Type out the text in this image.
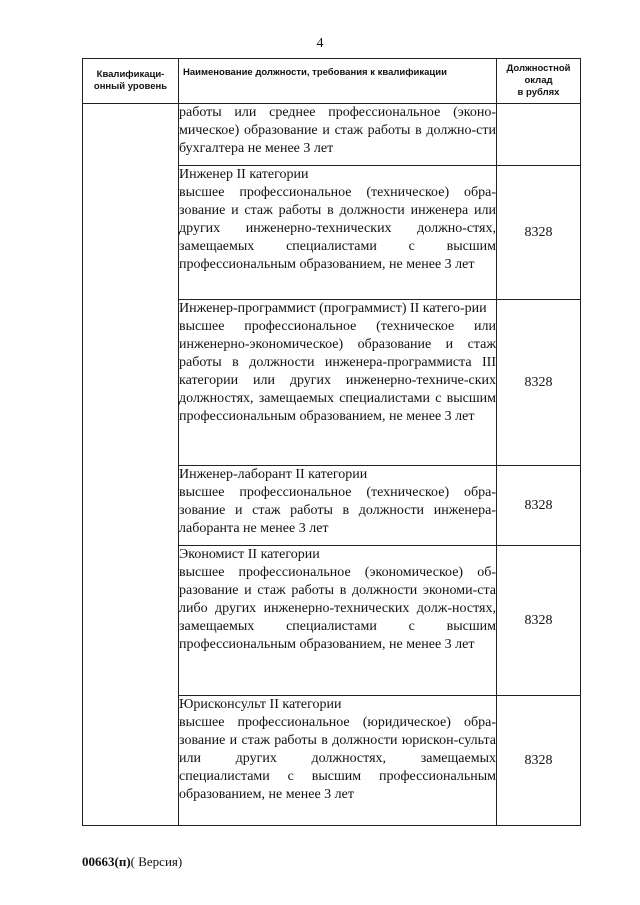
4
Квалификаци-
онный уровень	Наименование должности, требования к квалификации	Должностной оклад
в рублях

	работы или среднее профессиональное (эконо-мическое) образование и стаж работы в должно-сти бухгалтера не менее 3 лет	

	Инженер II категории
высшее профессиональное (техническое) обра-зование и стаж работы в должности инженера или других инженерно-технических должно-стях, замещаемых специалистами с высшим профессиональным образованием, не менее 3 лет	8328

	Инженер-программист (программист) II катего-рии
высшее профессиональное (техническое или инженерно-экономическое) образование и стаж работы в должности инженера-программиста III категории или других инженерно-техниче-ских должностях, замещаемых специалистами с высшим профессиональным образованием, не менее 3 лет	8328

	Инженер-лаборант II категории
высшее профессиональное (техническое) обра-зование и стаж работы в должности инженера-лаборанта не менее 3 лет	8328

	Экономист II категории
высшее профессиональное (экономическое) об-разование и стаж работы в должности экономи-ста либо других инженерно-технических долж-ностях, замещаемых специалистами с высшим профессиональным образованием, не менее 3 лет	8328

	Юрисконсульт II категории
высшее профессиональное (юридическое) обра-зование и стаж работы в должности юрискон-сульта или других должностях, замещаемых специалистами с высшим профессиональным образованием, не менее 3 лет	8328
00663(п)( Версия)
